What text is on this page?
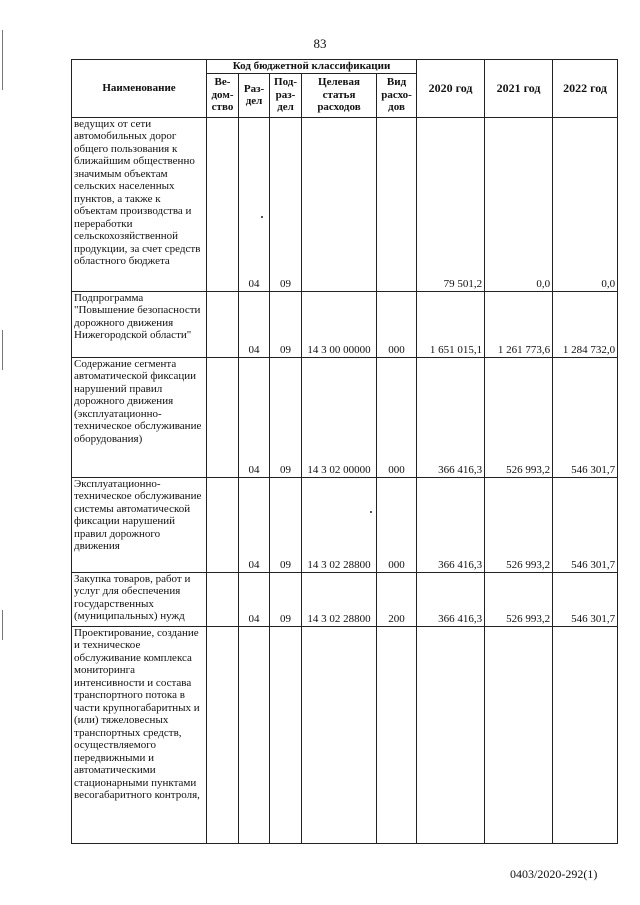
83
Наименование	Код бюджетной классификации					2020 год	2021 год	2022 год
	Ве-дом-ство	Раз-дел	Под-раз-дел	Целевая статья расходов	Вид расхо-дов			
ведущих от сети автомобильных дорог общего пользования к ближайшим общественно значимым объектам сельских населенных пунктов, а также к объектам производства и переработки сельскохозяйственной продукции, за счет средств областного бюджета		04	09			79 501,2	0,0	0,0
Подпрограмма "Повышение безопасности дорожного движения Нижегородской области"		04	09	14 3 00 00000	000	1 651 015,1	1 261 773,6	1 284 732,0
Содержание сегмента автоматической фиксации нарушений правил дорожного движения (эксплуатационно-техническое обслуживание оборудования)		04	09	14 3 02 00000	000	366 416,3	526 993,2	546 301,7
Эксплуатационно-техническое обслуживание системы автоматической фиксации нарушений правил дорожного движения		04	09	14 3 02 28800	000	366 416,3	526 993,2	546 301,7
Закупка товаров, работ и услуг для обеспечения государственных (муниципальных) нужд		04	09	14 3 02 28800	200	366 416,3	526 993,2	546 301,7
Проектирование, создание и техническое обслуживание комплекса мониторинга интенсивности и состава транспортного потока в части крупногабаритных и (или) тяжеловесных транспортных средств, осуществляемого передвижными и автоматическими стационарными пунктами весогабаритного контроля,								
0403/2020-292(1)
